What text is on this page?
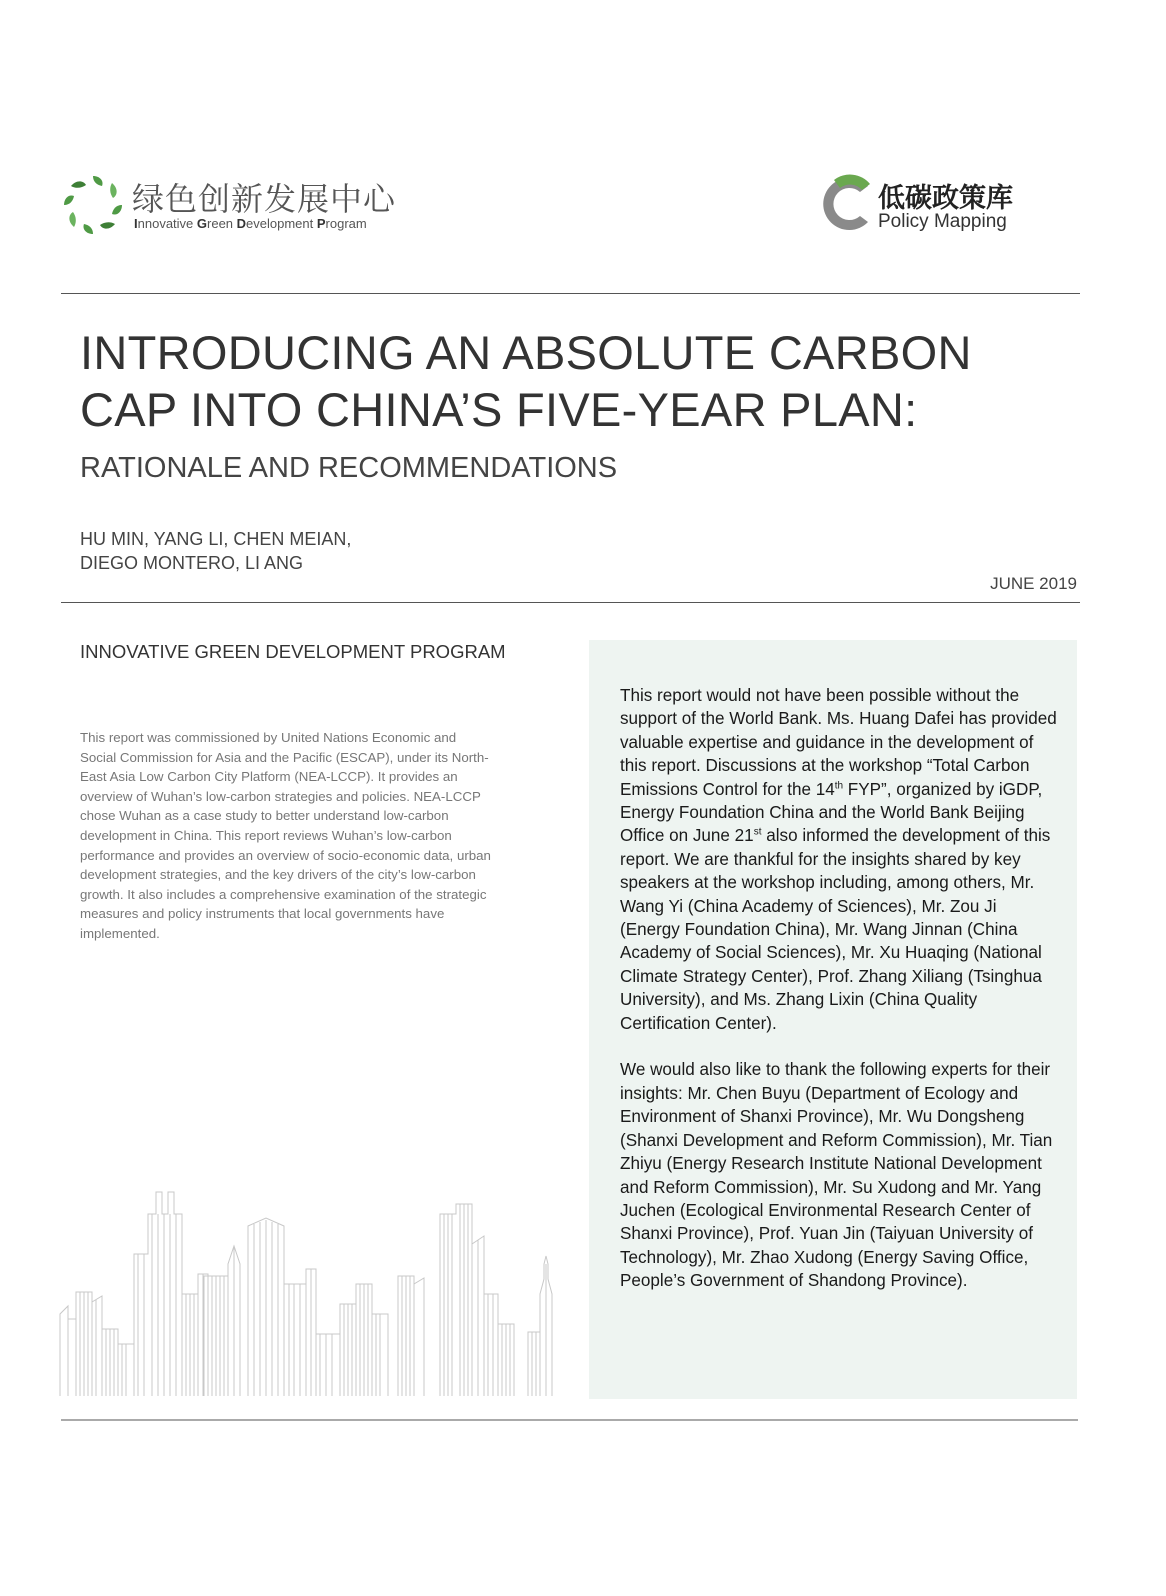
绿色创新发展中心
Innovative Green Development Program
低碳政策库
Policy Mapping
INTRODUCING AN ABSOLUTE CARBON
CAP INTO CHINA’S FIVE-YEAR PLAN:
RATIONALE AND RECOMMENDATIONS
HU MIN, YANG LI, CHEN MEIAN,
DIEGO MONTERO, LI ANG
JUNE 2019
INNOVATIVE GREEN DEVELOPMENT PROGRAM

This report was commissioned by United Nations Economic and Social Commission for Asia and the Pacific (ESCAP), under its North-East Asia Low Carbon City Platform (NEA-LCCP). It provides an overview of Wuhan’s low-carbon strategies and policies. NEA-LCCP chose Wuhan as a case study to better understand low-carbon development in China. This report reviews Wuhan’s low-carbon performance and provides an overview of socio-economic data, urban development strategies, and the key drivers of the city’s low-carbon growth. It also includes a comprehensive examination of the strategic measures and policy instruments that local governments have implemented.

This report would not have been possible without the support of the World Bank. Ms. Huang Dafei has provided valuable expertise and guidance in the development of this report. Discussions at the workshop “Total Carbon Emissions Control for the 14th FYP”, organized by iGDP, Energy Foundation China and the World Bank Beijing Office on June 21st also informed the development of this report. We are thankful for the insights shared by key speakers at the workshop including, among others, Mr. Wang Yi (China Academy of Sciences), Mr. Zou Ji (Energy Foundation China), Mr. Wang Jinnan (China Academy of Social Sciences), Mr. Xu Huaqing (National Climate Strategy Center), Prof. Zhang Xiliang (Tsinghua University), and Ms. Zhang Lixin (China Quality Certification Center).

We would also like to thank the following experts for their insights: Mr. Chen Buyu (Department of Ecology and Environment of Shanxi Province), Mr. Wu Dongsheng (Shanxi Development and Reform Commission), Mr. Tian Zhiyu (Energy Research Institute National Development and Reform Commission), Mr. Su Xudong and Mr. Yang Juchen (Ecological Environmental Research Center of Shanxi Province), Prof. Yuan Jin (Taiyuan University of Technology), Mr. Zhao Xudong (Energy Saving Office, People’s Government of Shandong Province).
